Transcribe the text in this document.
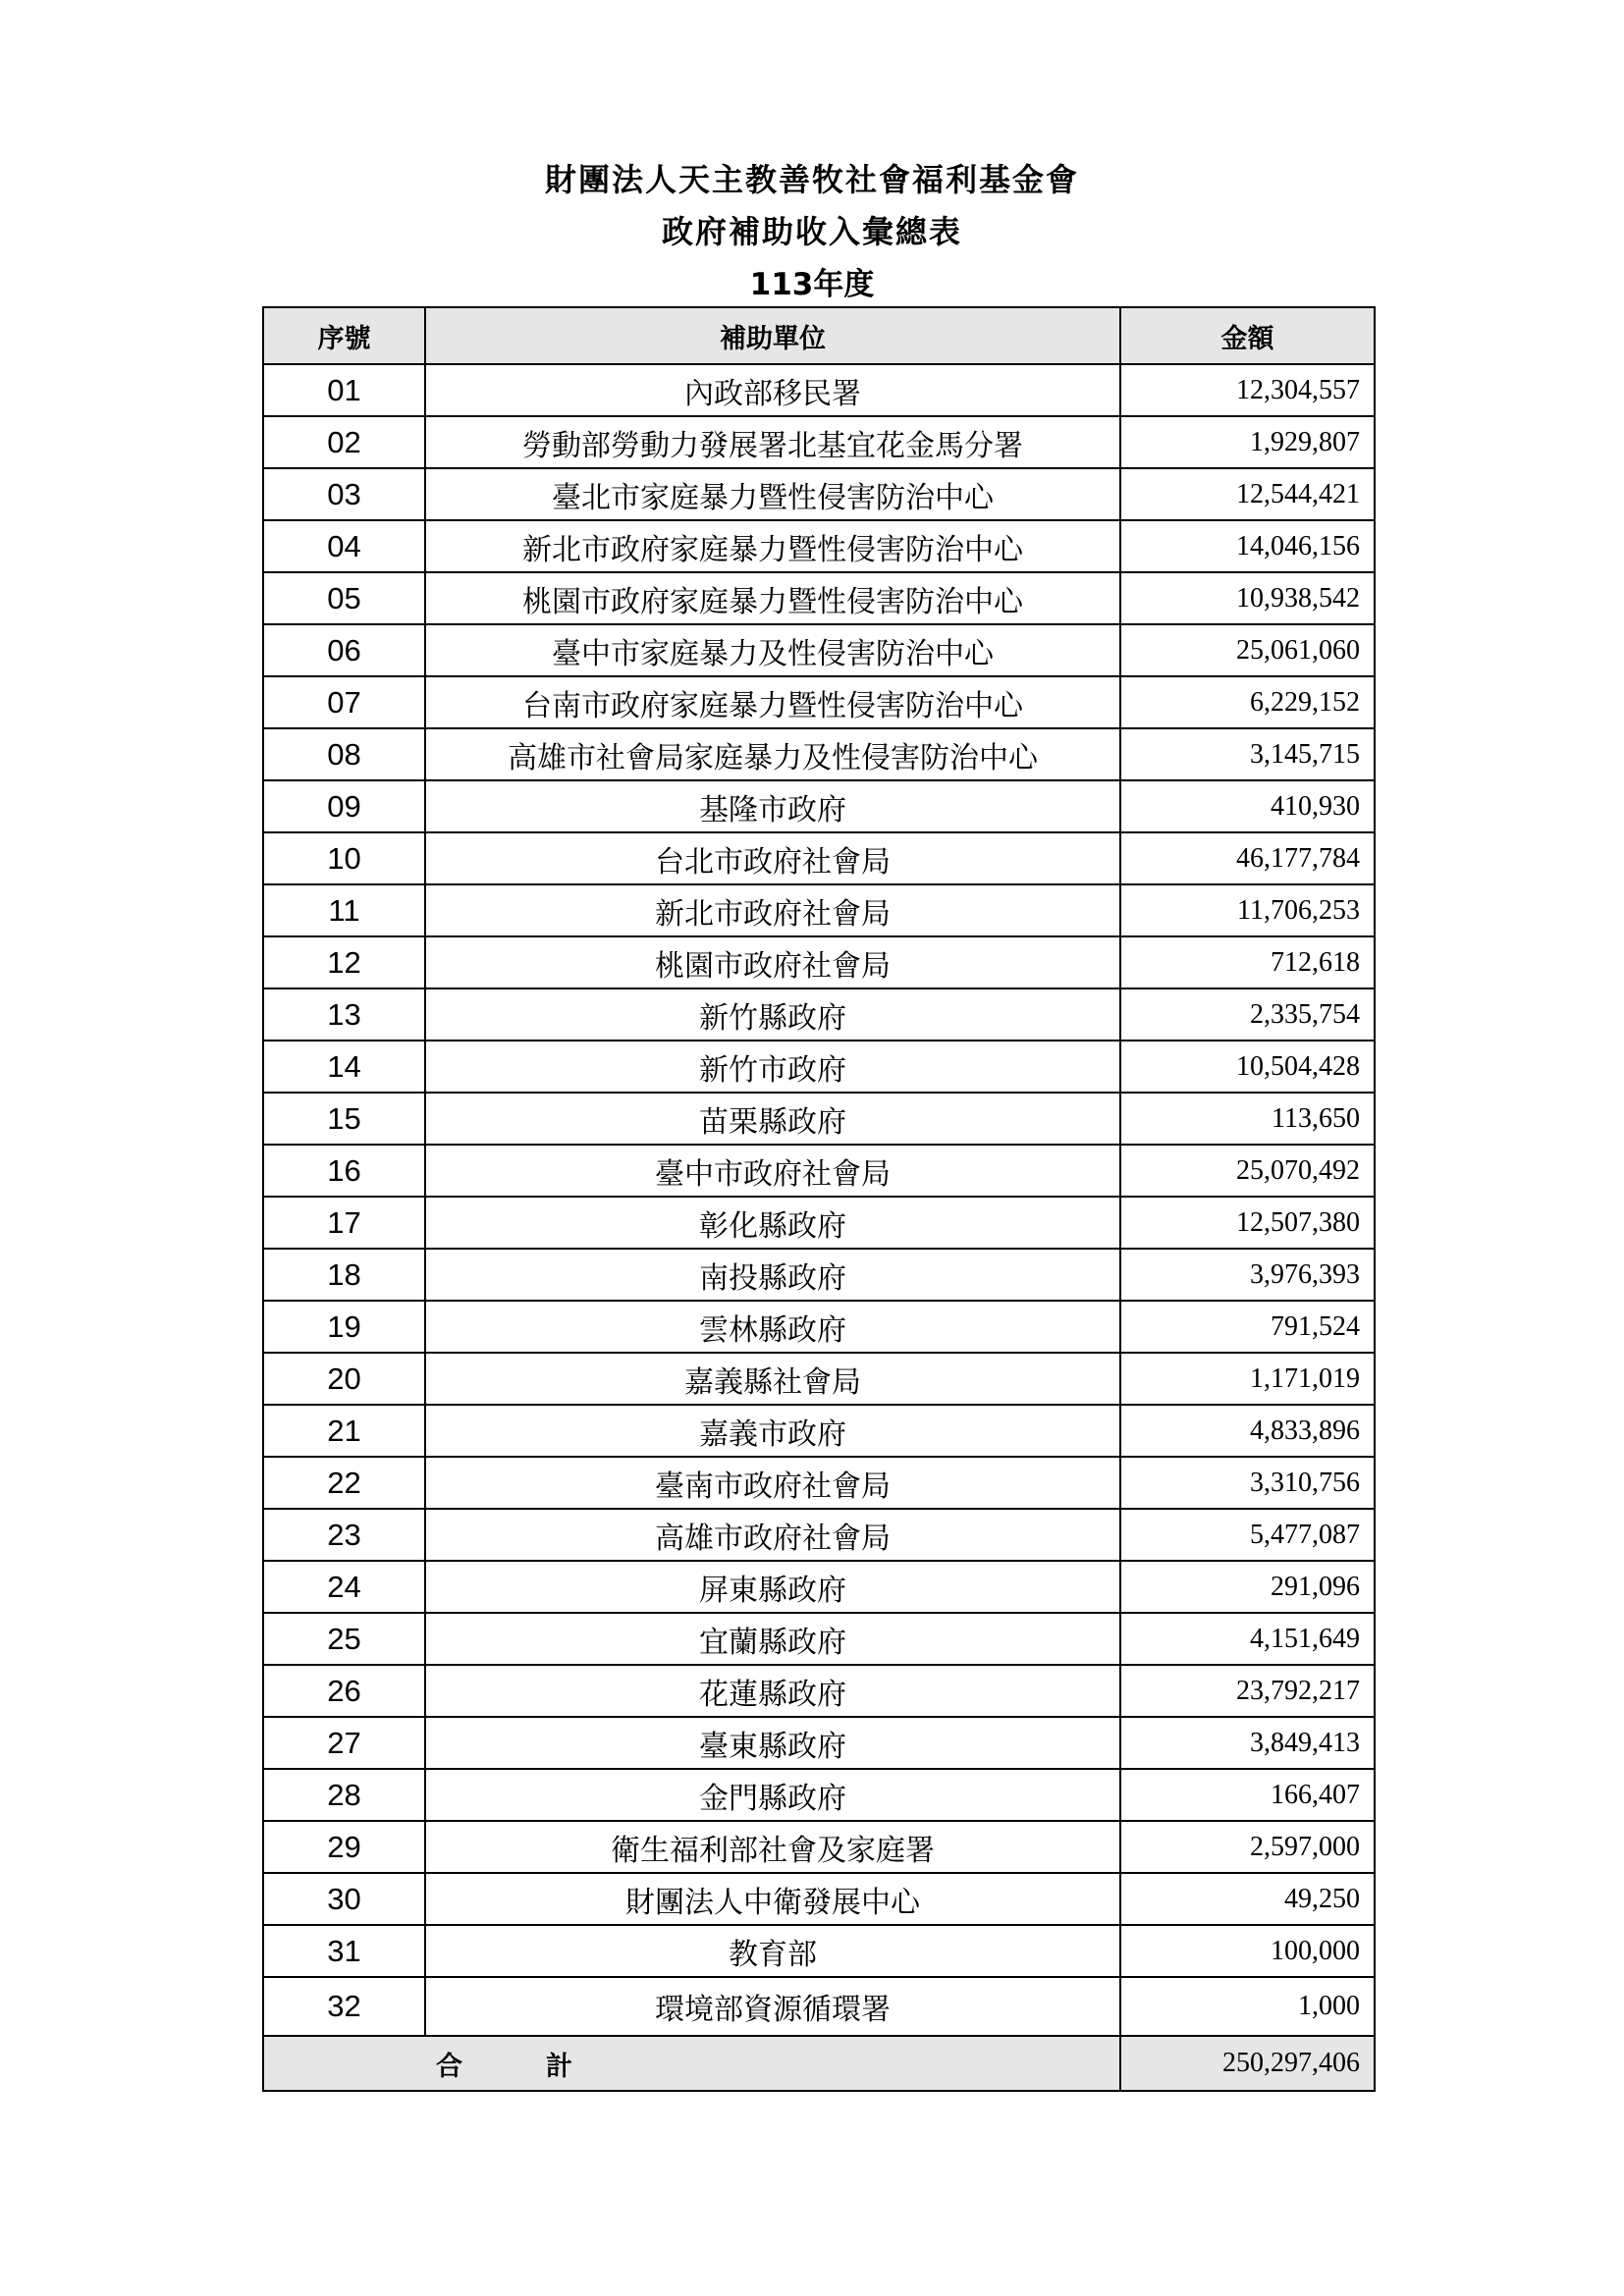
財團法人天主教善牧社會福利基金會
政府補助收入彙總表
113年度
序號	補助單位	金額
01	內政部移民署	12,304,557
02	勞動部勞動力發展署北基宜花金馬分署	1,929,807
03	臺北市家庭暴力暨性侵害防治中心	12,544,421
04	新北市政府家庭暴力暨性侵害防治中心	14,046,156
05	桃園市政府家庭暴力暨性侵害防治中心	10,938,542
06	臺中市家庭暴力及性侵害防治中心	25,061,060
07	台南市政府家庭暴力暨性侵害防治中心	6,229,152
08	高雄市社會局家庭暴力及性侵害防治中心	3,145,715
09	基隆市政府	410,930
10	台北市政府社會局	46,177,784
11	新北市政府社會局	11,706,253
12	桃園市政府社會局	712,618
13	新竹縣政府	2,335,754
14	新竹市政府	10,504,428
15	苗栗縣政府	113,650
16	臺中市政府社會局	25,070,492
17	彰化縣政府	12,507,380
18	南投縣政府	3,976,393
19	雲林縣政府	791,524
20	嘉義縣社會局	1,171,019
21	嘉義市政府	4,833,896
22	臺南市政府社會局	3,310,756
23	高雄市政府社會局	5,477,087
24	屏東縣政府	291,096
25	宜蘭縣政府	4,151,649
26	花蓮縣政府	23,792,217
27	臺東縣政府	3,849,413
28	金門縣政府	166,407
29	衛生福利部社會及家庭署	2,597,000
30	財團法人中衛發展中心	49,250
31	教育部	100,000
32	環境部資源循環署	1,000
合 計		250,297,406
